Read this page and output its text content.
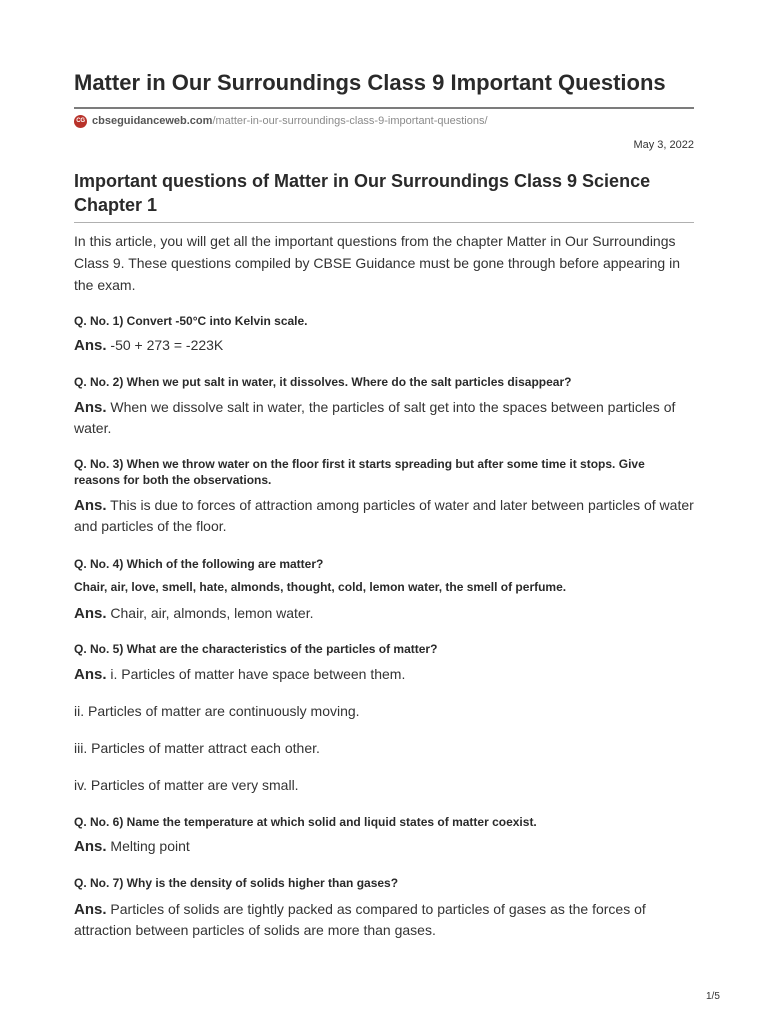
Matter in Our Surroundings Class 9 Important Questions
CG cbseguidanceweb.com /matter-in-our-surroundings-class-9-important-questions/
May 3, 2022
Important questions of Matter in Our Surroundings Class 9 Science Chapter 1

In this article, you will get all the important questions from the chapter Matter in Our Surroundings Class 9. These questions compiled by CBSE Guidance must be gone through before appearing in the exam.

Q. No. 1) Convert -50°C into Kelvin scale.

Ans. -50 + 273 = -223K

Q. No. 2) When we put salt in water, it dissolves. Where do the salt particles disappear?

Ans. When we dissolve salt in water, the particles of salt get into the spaces between particles of water.

Q. No. 3) When we throw water on the floor first it starts spreading but after some time it stops. Give reasons for both the observations.

Ans. This is due to forces of attraction among particles of water and later between particles of water and particles of the floor.

Q. No. 4) Which of the following are matter?

Chair, air, love, smell, hate, almonds, thought, cold, lemon water, the smell of perfume.

Ans. Chair, air, almonds, lemon water.

Q. No. 5) What are the characteristics of the particles of matter?

Ans. i. Particles of matter have space between them.

ii. Particles of matter are continuously moving.

iii. Particles of matter attract each other.

iv. Particles of matter are very small.

Q. No. 6) Name the temperature at which solid and liquid states of matter coexist.

Ans. Melting point

Q. No. 7) Why is the density of solids higher than gases?

Ans. Particles of solids are tightly packed as compared to particles of gases as the forces of attraction between particles of solids are more than gases.

1/5
